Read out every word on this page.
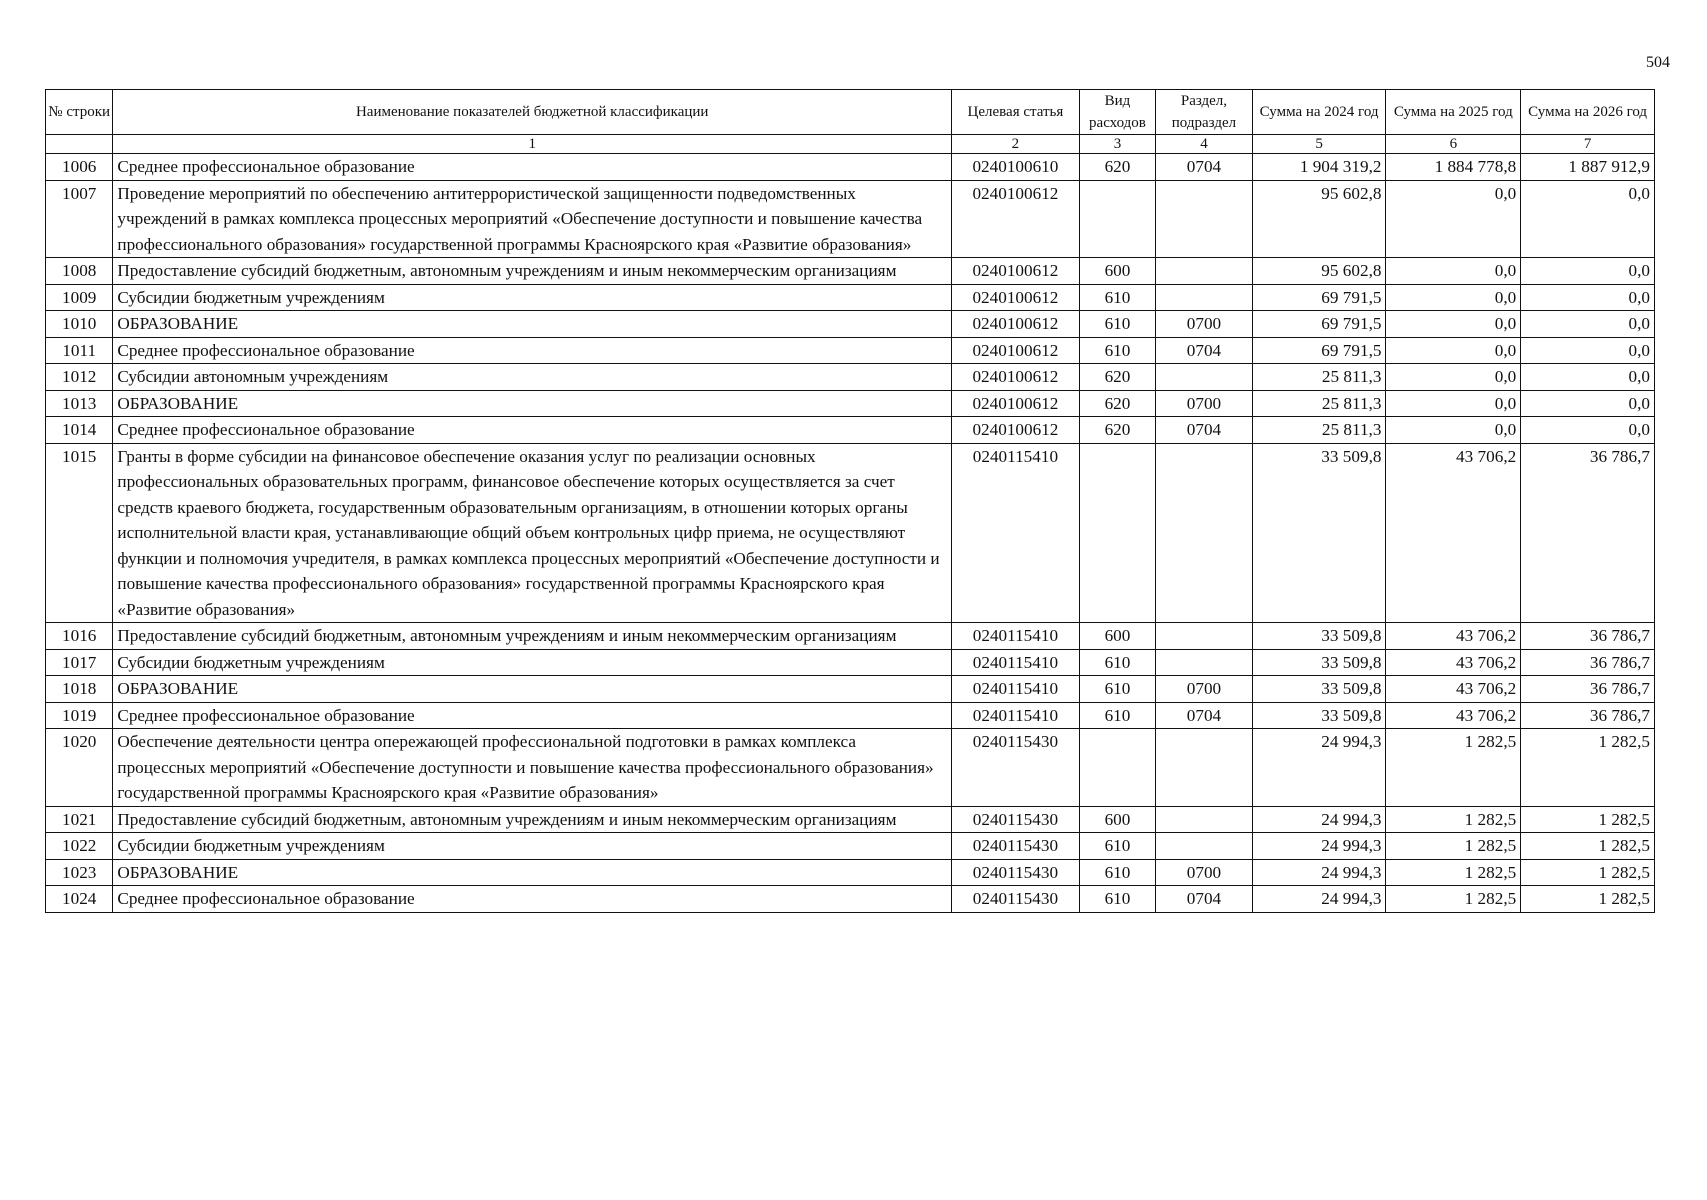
504
№ строки	Наименование показателей бюджетной классификации	Целевая статья	Вид расходов	Раздел, подраздел	Сумма на 2024 год	Сумма на 2025 год	Сумма на 2026 год
	1	2	3	4	5	6	7
1006	Среднее профессиональное образование	0240100610	620	0704	1 904 319,2	1 884 778,8	1 887 912,9
1007	Проведение мероприятий по обеспечению антитеррористической защищенности подведомственных учреждений в рамках комплекса процессных мероприятий «Обеспечение доступности и повышение качества профессионального образования» государственной программы Красноярского края «Развитие образования»	0240100612			95 602,8	0,0	0,0
1008	Предоставление субсидий бюджетным, автономным учреждениям и иным некоммерческим организациям	0240100612	600		95 602,8	0,0	0,0
1009	Субсидии бюджетным учреждениям	0240100612	610		69 791,5	0,0	0,0
1010	ОБРАЗОВАНИЕ	0240100612	610	0700	69 791,5	0,0	0,0
1011	Среднее профессиональное образование	0240100612	610	0704	69 791,5	0,0	0,0
1012	Субсидии автономным учреждениям	0240100612	620		25 811,3	0,0	0,0
1013	ОБРАЗОВАНИЕ	0240100612	620	0700	25 811,3	0,0	0,0
1014	Среднее профессиональное образование	0240100612	620	0704	25 811,3	0,0	0,0
1015	Гранты в форме субсидии на финансовое обеспечение оказания услуг по реализации основных профессиональных образовательных программ, финансовое обеспечение которых осуществляется за счет средств краевого бюджета, государственным образовательным организациям, в отношении которых органы исполнительной власти края, устанавливающие общий объем контрольных цифр приема, не осуществляют функции и полномочия учредителя, в рамках комплекса процессных мероприятий «Обеспечение доступности и повышение качества профессионального образования» государственной программы Красноярского края «Развитие образования»	0240115410			33 509,8	43 706,2	36 786,7
1016	Предоставление субсидий бюджетным, автономным учреждениям и иным некоммерческим организациям	0240115410	600		33 509,8	43 706,2	36 786,7
1017	Субсидии бюджетным учреждениям	0240115410	610		33 509,8	43 706,2	36 786,7
1018	ОБРАЗОВАНИЕ	0240115410	610	0700	33 509,8	43 706,2	36 786,7
1019	Среднее профессиональное образование	0240115410	610	0704	33 509,8	43 706,2	36 786,7
1020	Обеспечение деятельности центра опережающей профессиональной подготовки в рамках комплекса процессных мероприятий «Обеспечение доступности и повышение качества профессионального образования» государственной программы Красноярского края «Развитие образования»	0240115430			24 994,3	1 282,5	1 282,5
1021	Предоставление субсидий бюджетным, автономным учреждениям и иным некоммерческим организациям	0240115430	600		24 994,3	1 282,5	1 282,5
1022	Субсидии бюджетным учреждениям	0240115430	610		24 994,3	1 282,5	1 282,5
1023	ОБРАЗОВАНИЕ	0240115430	610	0700	24 994,3	1 282,5	1 282,5
1024	Среднее профессиональное образование	0240115430	610	0704	24 994,3	1 282,5	1 282,5
